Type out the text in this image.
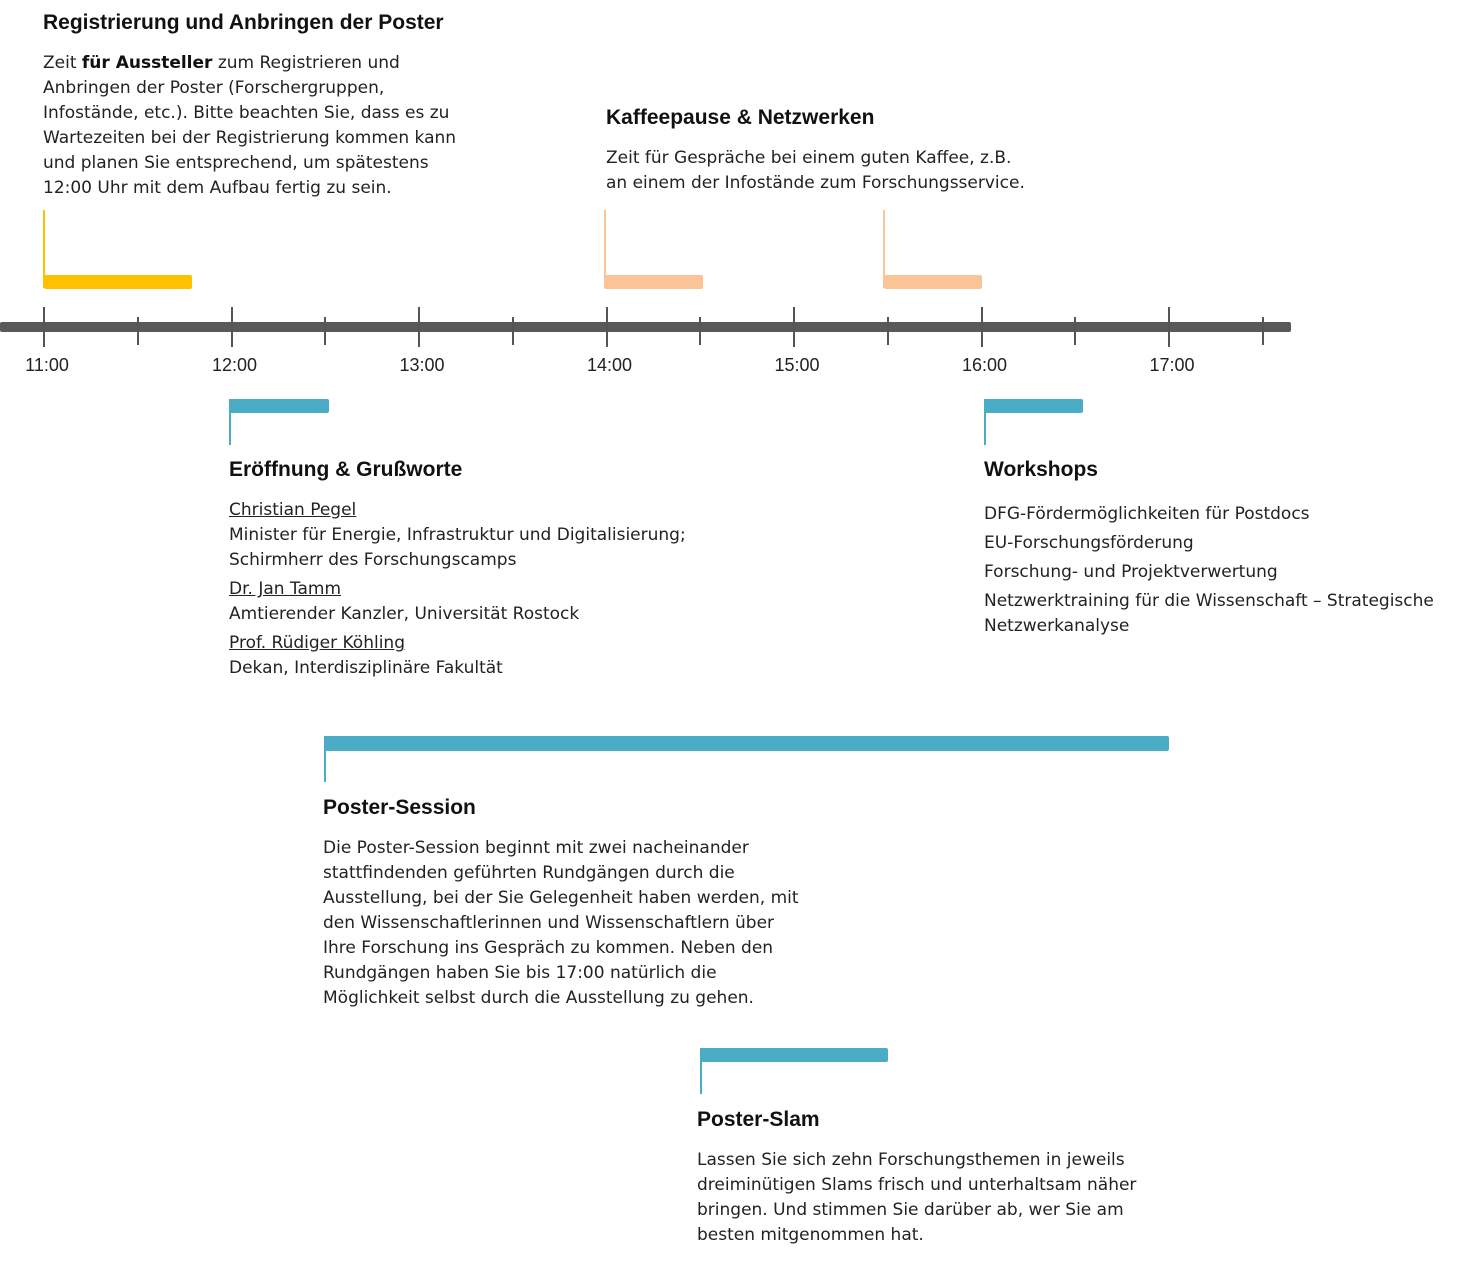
Registrierung und Anbringen der Poster
Zeit für Aussteller zum Registrieren und Anbringen der Poster (Forschergruppen, Infostände, etc.). Bitte beachten Sie, dass es zu Wartezeiten bei der Registrierung kommen kann und planen Sie entsprechend, um spätestens 12:00 Uhr mit dem Aufbau fertig zu sein.
Kaffeepause & Netzwerken
Zeit für Gespräche bei einem guten Kaffee, z.B.
an einem der Infostände zum Forschungsservice.
11:00	12:00	13:00	14:00	15:00	16:00	17:00
Eröffnung & Grußworte
Christian Pegel
Minister für Energie, Infrastruktur und Digitalisierung;
Schirmherr des Forschungscamps
Dr. Jan Tamm
Amtierender Kanzler, Universität Rostock
Prof. Rüdiger Köhling
Dekan, Interdisziplinäre Fakultät
Workshops
DFG-Fördermöglichkeiten für Postdocs
EU-Forschungsförderung
Forschung- und Projektverwertung
Netzwerktraining für die Wissenschaft – Strategische Netzwerkanalyse
Poster-Session
Die Poster-Session beginnt mit zwei nacheinander stattfindenden geführten Rundgängen durch die Ausstellung, bei der Sie Gelegenheit haben werden, mit den Wissenschaftlerinnen und Wissenschaftlern über Ihre Forschung ins Gespräch zu kommen. Neben den Rundgängen haben Sie bis 17:00 natürlich die Möglichkeit selbst durch die Ausstellung zu gehen.
Poster-Slam
Lassen Sie sich zehn Forschungsthemen in jeweils dreiminütigen Slams frisch und unterhaltsam näher bringen. Und stimmen Sie darüber ab, wer Sie am besten mitgenommen hat.
